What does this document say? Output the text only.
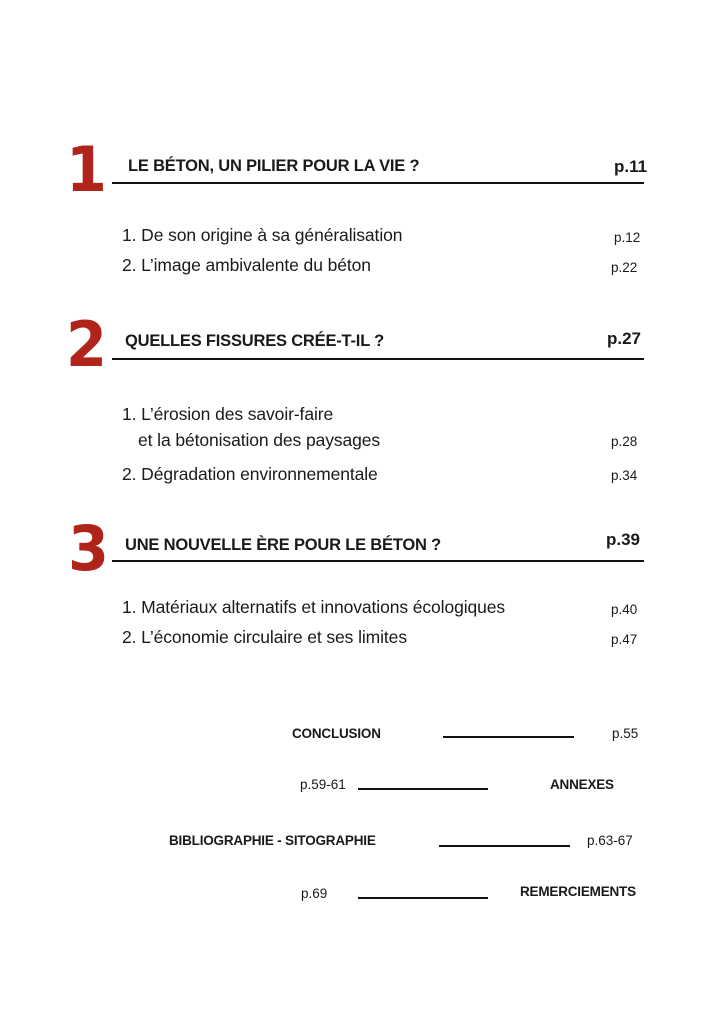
1 LE BÉTON, UN PILIER POUR LA VIE ?	p.11
1. De son origine à sa généralisation	p.12
2. L’image ambivalente du béton	p.22
2 QUELLES FISSURES CRÉE-T-IL ?	p.27
1. L’érosion des savoir-faire
et la bétonisation des paysages	p.28
2. Dégradation environnementale	p.34
3 UNE NOUVELLE ÈRE POUR LE BÉTON ?	p.39
1. Matériaux alternatifs et innovations écologiques	p.40
2. L’économie circulaire et ses limites	p.47
CONCLUSION	p.55
p.59-61	ANNEXES
BIBLIOGRAPHIE - SITOGRAPHIE	p.63-67
p.69	REMERCIEMENTS
